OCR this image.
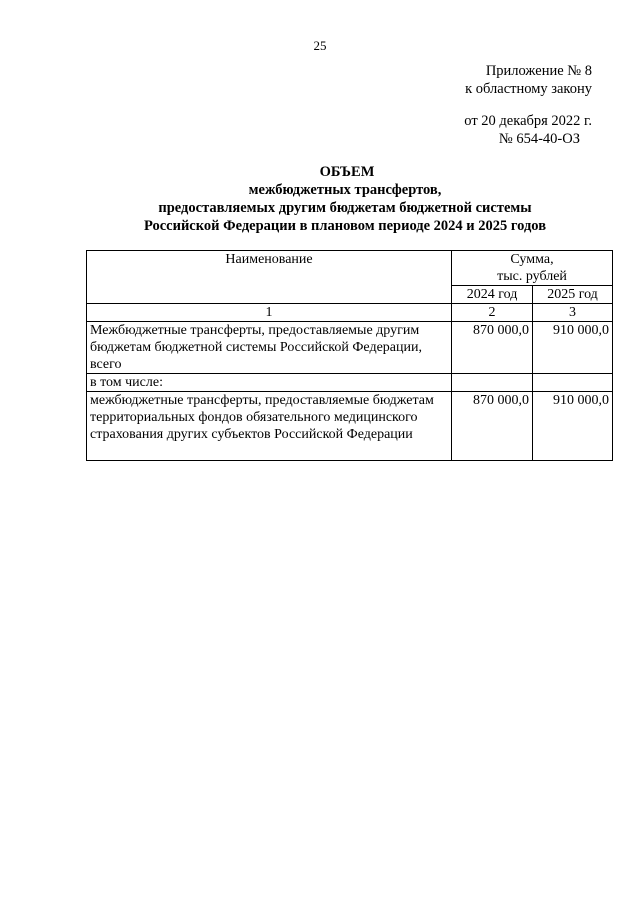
25
Приложение № 8
к областному закону
от 20 декабря 2022 г.
№ 654-40-ОЗ
ОБЪЕМ
межбюджетных трансфертов,
предоставляемых другим бюджетам бюджетной системы
Российской Федерации в плановом периоде 2024 и 2025 годов
Наименование	Сумма,
тыс. рублей	

	2024 год	2025 год
1	2	3
Межбюджетные трансферты, предоставляемые другим бюджетам бюджетной системы Российской Федерации, всего	870 000,0	910 000,0
в том числе:		
межбюджетные трансферты, предоставляемые бюджетам территориальных фондов обязательного медицинского страхования других субъектов Российской Федерации	870 000,0	910 000,0
